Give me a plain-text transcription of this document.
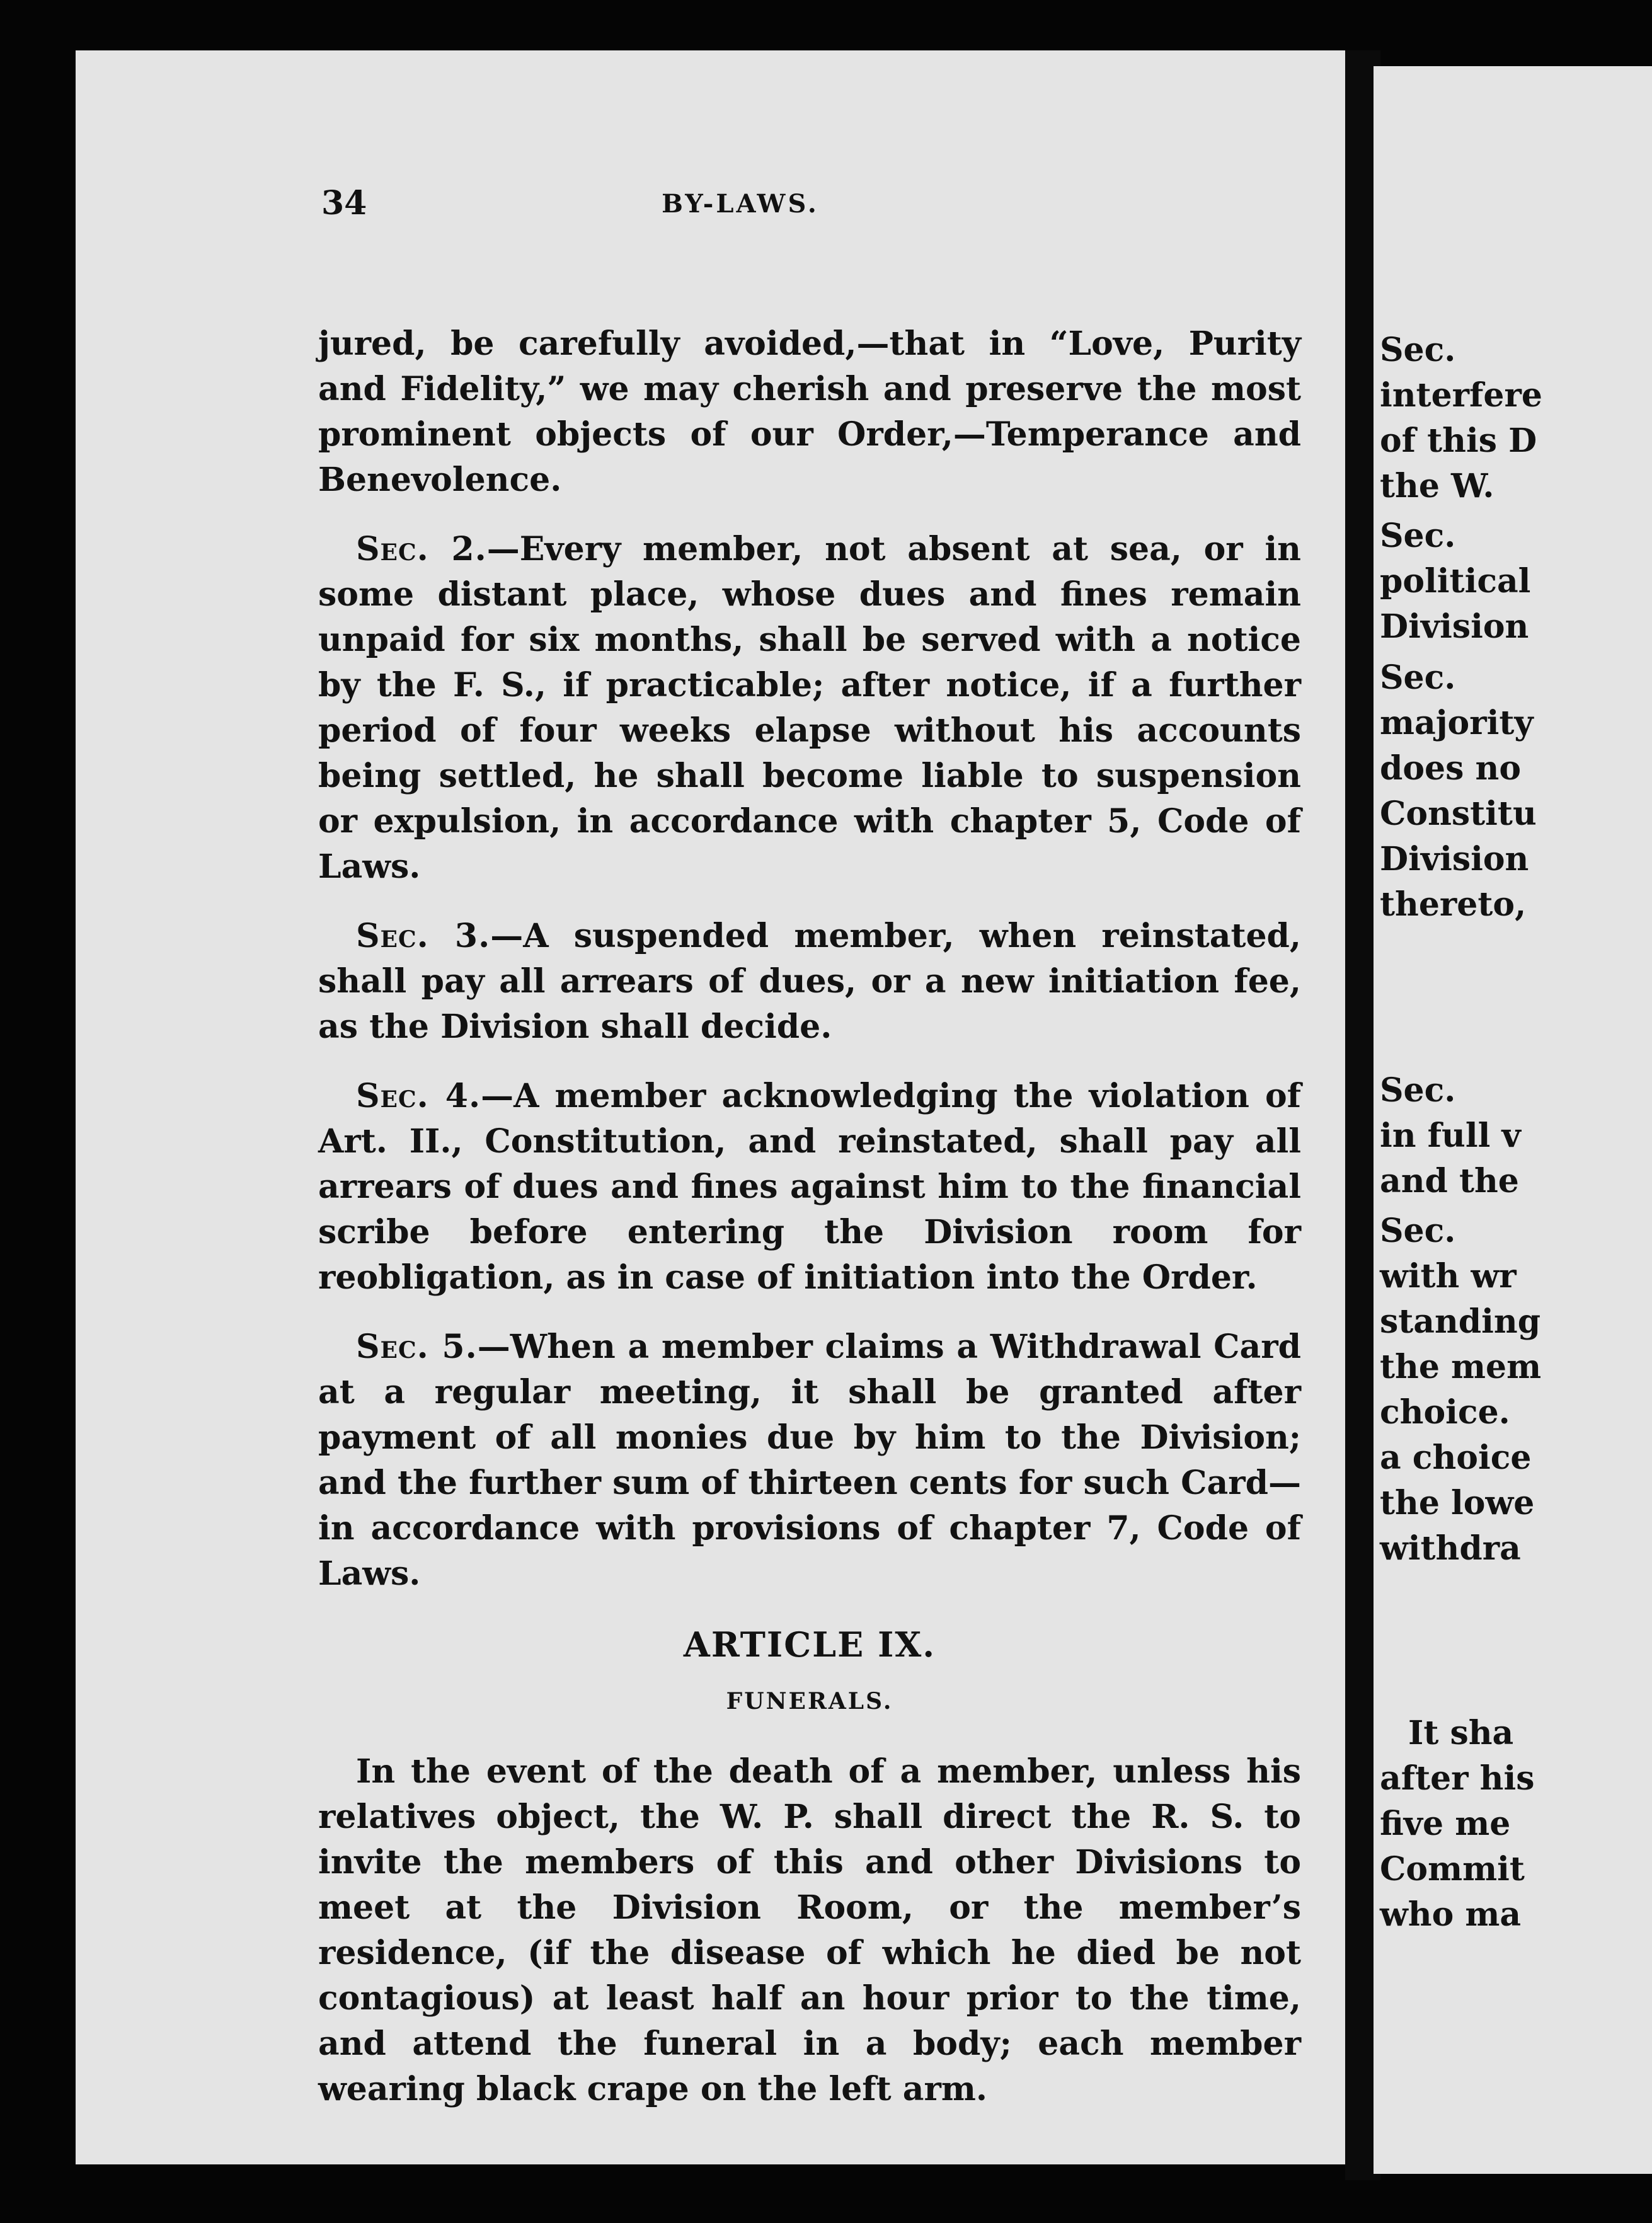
34	BY-LAWS.

jured, be carefully avoided,—that in “Love, Purity and Fidelity,” we may cherish and preserve the most prominent objects of our Order,—Temperance and Benevolence.

Sec. 2.—Every member, not absent at sea, or in some distant place, whose dues and fines remain unpaid for six months, shall be served with a notice by the F. S., if practicable; after notice, if a further period of four weeks elapse without his accounts being settled, he shall become liable to suspension or expulsion, in accordance with chapter 5, Code of Laws.

Sec. 3.—A suspended member, when reinstated, shall pay all arrears of dues, or a new initiation fee, as the Division shall decide.

Sec. 4.—A member acknowledging the violation of Art. II., Constitution, and reinstated, shall pay all arrears of dues and fines against him to the financial scribe before entering the Division room for reobligation, as in case of initiation into the Order.

Sec. 5.—When a member claims a Withdrawal Card at a regular meeting, it shall be granted after payment of all monies due by him to the Division; and the further sum of thirteen cents for such Card—in accordance with provisions of chapter 7, Code of Laws.

ARTICLE IX.
FUNERALS.

In the event of the death of a member, unless his relatives object, the W. P. shall direct the R. S. to invite the members of this and other Divisions to meet at the Division Room, or the member’s residence, (if the disease of which he died be not contagious) at least half an hour prior to the time, and attend the funeral in a body; each member wearing black crape on the left arm.

Sec.
interfere
of this D
the W.
Sec.
political
Division
Sec.
majority
does no
Constitu
Division
thereto,
Sec.
in full v
and the
Sec.
with wr
standing
the mem
choice.
a choice
the lowe
withdra
It sha
after his
five me
Commit
who ma
